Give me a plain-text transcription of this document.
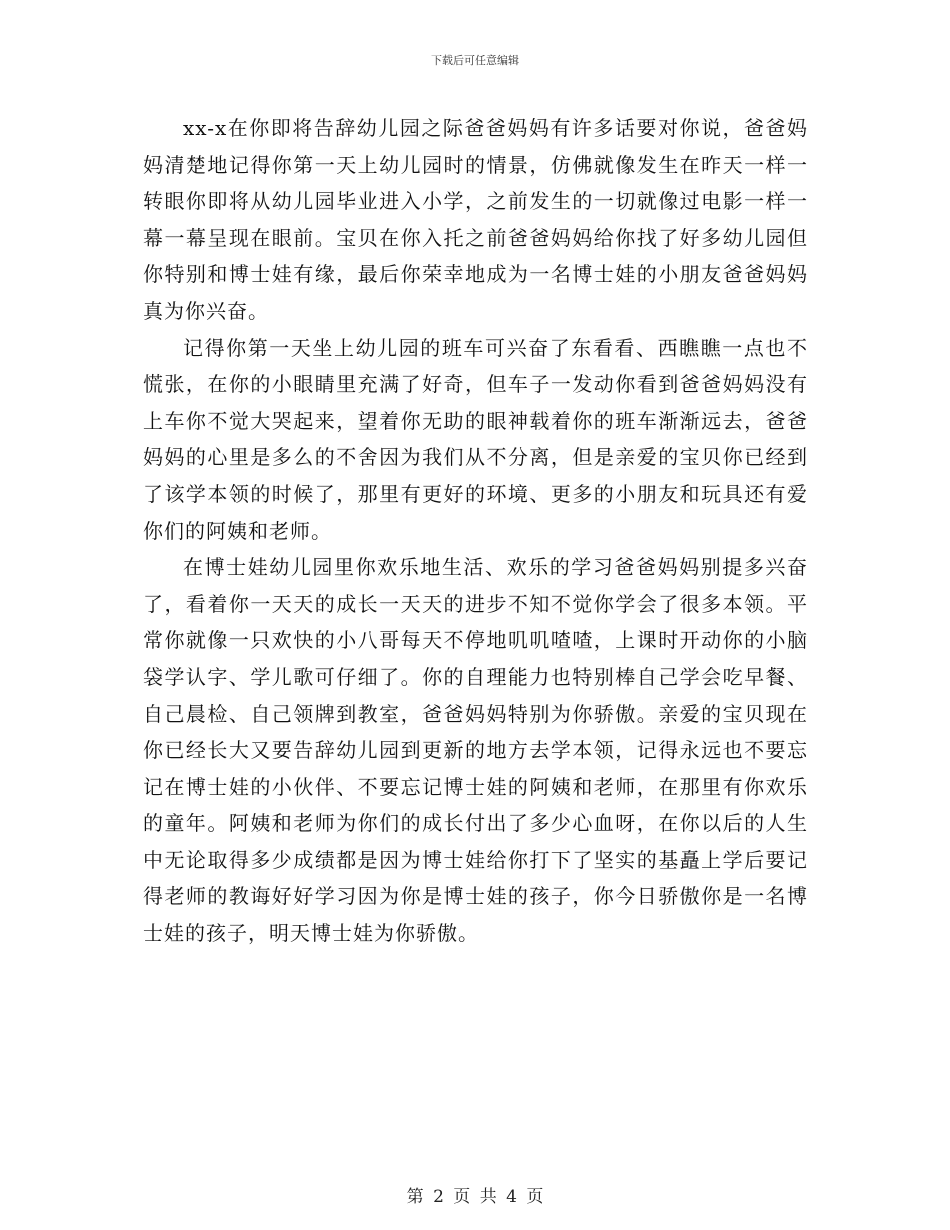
下载后可任意编辑

xx-x在你即将告辞幼儿园之际爸爸妈妈有许多话要对你说，爸爸妈妈清楚地记得你第一天上幼儿园时的情景，仿佛就像发生在昨天一样一转眼你即将从幼儿园毕业进入小学，之前发生的一切就像过电影一样一幕一幕呈现在眼前。宝贝在你入托之前爸爸妈妈给你找了好多幼儿园但你特别和博士娃有缘，最后你荣幸地成为一名博士娃的小朋友爸爸妈妈真为你兴奋。

记得你第一天坐上幼儿园的班车可兴奋了东看看、西瞧瞧一点也不慌张，在你的小眼睛里充满了好奇，但车子一发动你看到爸爸妈妈没有上车你不觉大哭起来，望着你无助的眼神载着你的班车渐渐远去，爸爸妈妈的心里是多么的不舍因为我们从不分离，但是亲爱的宝贝你已经到了该学本领的时候了，那里有更好的环境、更多的小朋友和玩具还有爱你们的阿姨和老师。

在博士娃幼儿园里你欢乐地生活、欢乐的学习爸爸妈妈别提多兴奋了，看着你一天天的成长一天天的进步不知不觉你学会了很多本领。平常你就像一只欢快的小八哥每天不停地叽叽喳喳，上课时开动你的小脑袋学认字、学儿歌可仔细了。你的自理能力也特别棒自己学会吃早餐、自己晨检、自己领牌到教室，爸爸妈妈特别为你骄傲。亲爱的宝贝现在你已经长大又要告辞幼儿园到更新的地方去学本领，记得永远也不要忘记在博士娃的小伙伴、不要忘记博士娃的阿姨和老师，在那里有你欢乐的童年。阿姨和老师为你们的成长付出了多少心血呀，在你以后的人生中无论取得多少成绩都是因为博士娃给你打下了坚实的基矗上学后要记得老师的教诲好好学习因为你是博士娃的孩子，你今日骄傲你是一名博士娃的孩子，明天博士娃为你骄傲。

第 2 页 共 4 页
